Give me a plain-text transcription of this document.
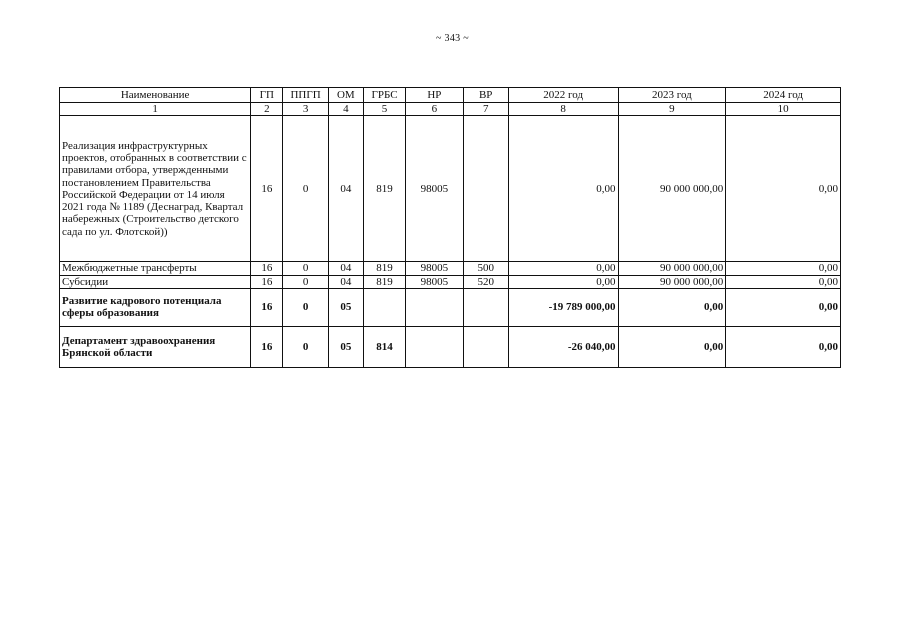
~ 343 ~
Наименование	ГП	ППГП	ОМ	ГРБС	НР	ВР	2022 год	2023 год	2024 год
1	2	3	4	5	6	7	8	9	10
Реализация инфраструктурных проектов, отобранных в соответствии с правилами отбора, утвержденными постановлением Правительства Российской Федерации от 14 июля 2021 года № 1189 (Деснаград, Квартал набережных (Строительство детского сада по ул. Флотской))	16	0	04	819	98005		0,00	90 000 000,00	0,00
Межбюджетные трансферты	16	0	04	819	98005	500	0,00	90 000 000,00	0,00
Субсидии	16	0	04	819	98005	520	0,00	90 000 000,00	0,00
Развитие кадрового потенциала сферы образования	16	0	05				-19 789 000,00	0,00	0,00
Департамент здравоохранения Брянской области	16	0	05	814			-26 040,00	0,00	0,00
